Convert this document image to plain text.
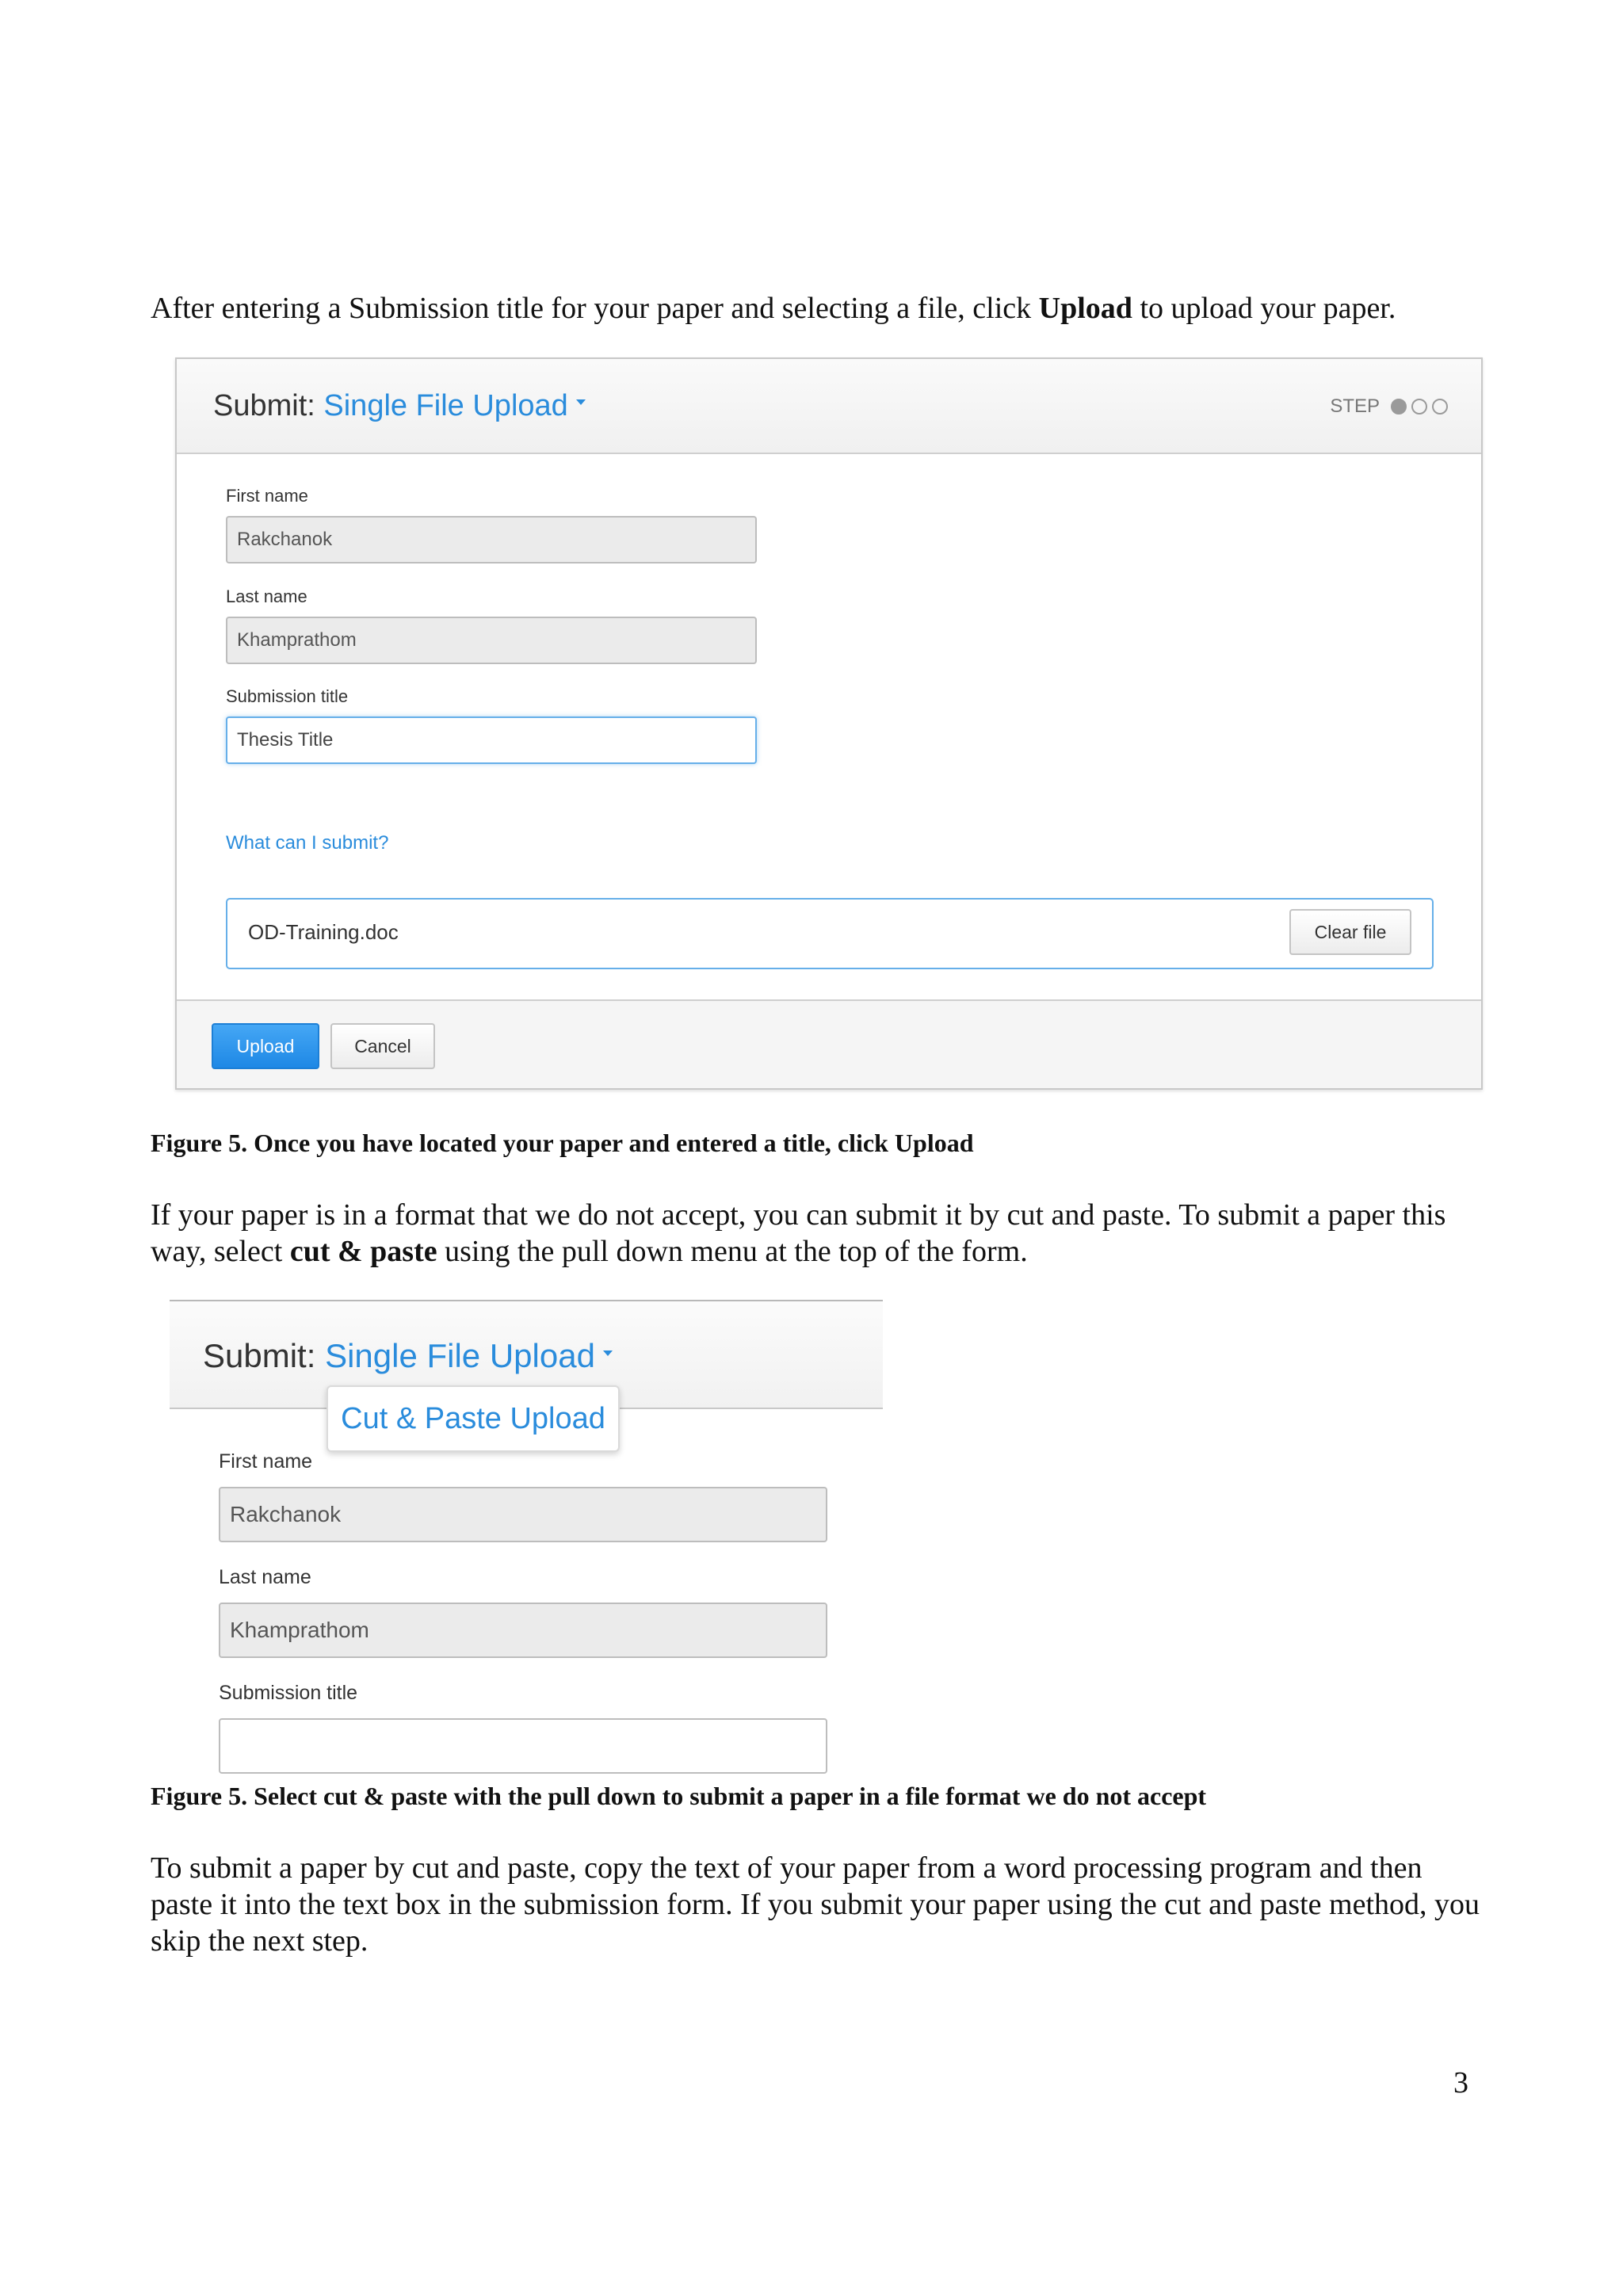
After entering a Submission title for your paper and selecting a file, click Upload to upload your paper.

Submit: Single File Upload	STEP
First name
Rakchanok
Last name
Khamprathom
Submission title
Thesis Title
What can I submit?
OD-Training.doc	Clear file
Upload	Cancel

Figure 5. Once you have located your paper and entered a title, click Upload

If your paper is in a format that we do not accept, you can submit it by cut and paste. To submit a paper this way, select cut & paste using the pull down menu at the top of the form.

Submit: Single File Upload
Cut & Paste Upload
First name
Rakchanok
Last name
Khamprathom
Submission title

Figure 5. Select cut & paste with the pull down to submit a paper in a file format we do not accept

To submit a paper by cut and paste, copy the text of your paper from a word processing program and then paste it into the text box in the submission form. If you submit your paper using the cut and paste method, you skip the next step.

3
